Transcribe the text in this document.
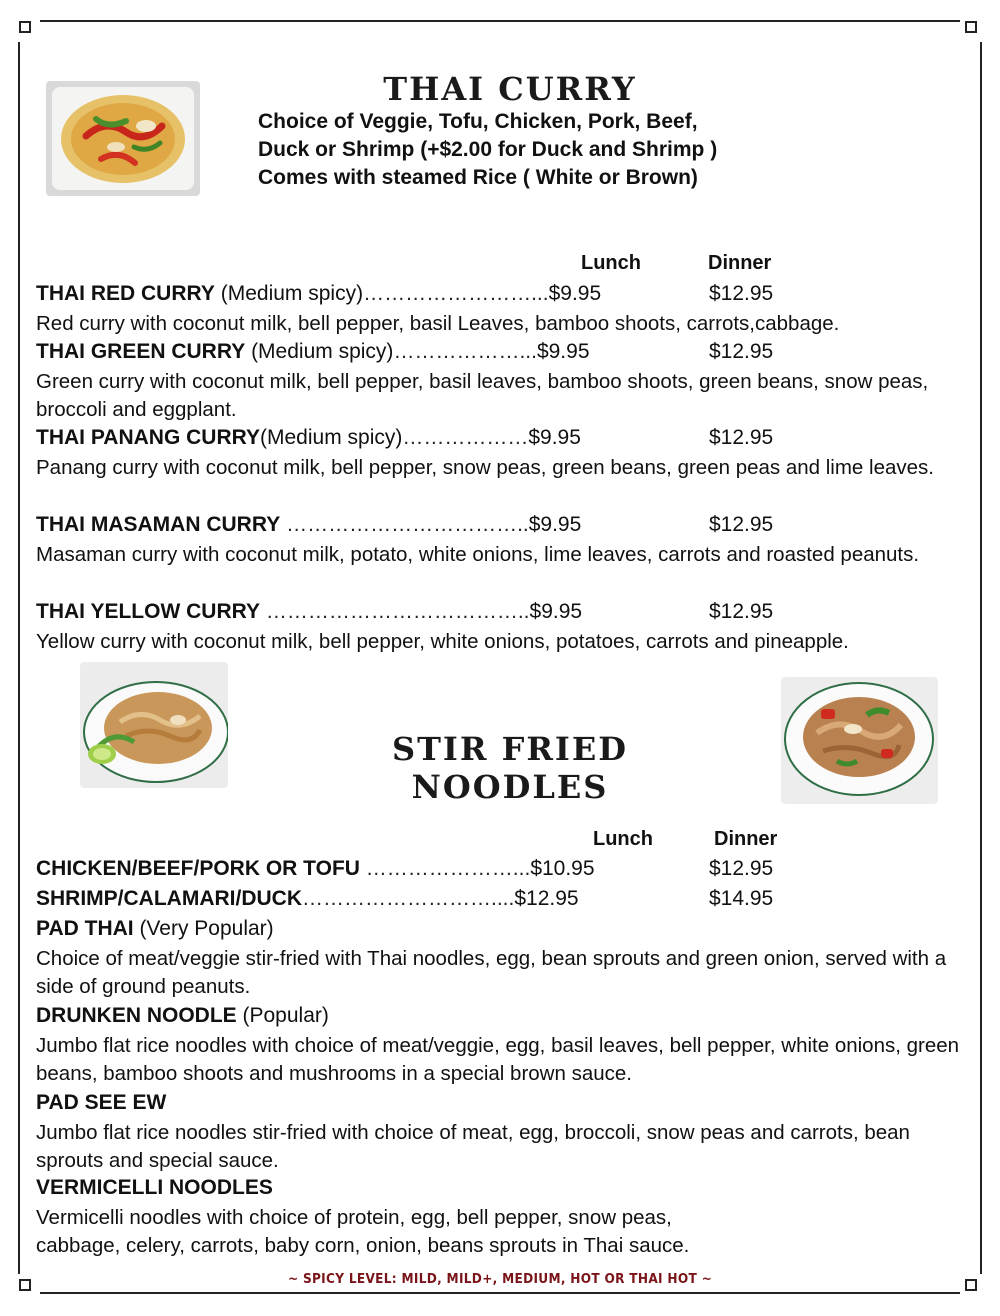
THAI CURRY
Choice of Veggie, Tofu, Chicken, Pork, Beef,
Duck or Shrimp (+$2.00 for Duck and Shrimp )
Comes with steamed Rice ( White or Brown)
Lunch	Dinner
THAI RED CURRY (Medium spicy)……………………...$9.95	$12.95
Red curry with coconut milk, bell pepper, basil Leaves, bamboo shoots, carrots,cabbage.
THAI GREEN CURRY (Medium spicy)………………...$9.95	$12.95
Green curry with coconut milk, bell pepper, basil leaves, bamboo shoots, green beans, snow peas, broccoli and eggplant.
THAI PANANG CURRY(Medium spicy)………………$9.95	$12.95
Panang curry with coconut milk, bell pepper, snow peas, green beans, green peas and lime leaves.
THAI MASAMAN CURRY ……………………………..$9.95	$12.95
Masaman curry with coconut milk, potato, white onions, lime leaves, carrots and roasted peanuts.
THAI YELLOW CURRY ………………………………..$9.95	$12.95
Yellow curry with coconut milk, bell pepper, white onions, potatoes, carrots and pineapple.
STIR FRIED NOODLES
Lunch	Dinner
CHICKEN/BEEF/PORK OR TOFU …………………...$10.95	$12.95
SHRIMP/CALAMARI/DUCK………………………....$12.95	$14.95
PAD THAI (Very Popular)
Choice of meat/veggie stir-fried with Thai noodles, egg, bean sprouts and green onion, served with a side of ground peanuts.
DRUNKEN NOODLE (Popular)
Jumbo flat rice noodles with choice of meat/veggie, egg, basil leaves, bell pepper, white onions, green beans, bamboo shoots and mushrooms in a special brown sauce.
PAD SEE EW
Jumbo flat rice noodles stir-fried with choice of meat, egg, broccoli, snow peas and carrots, bean sprouts and special sauce.
VERMICELLI NOODLES
Vermicelli noodles with choice of protein, egg, bell pepper, snow peas,
cabbage, celery, carrots, baby corn, onion, beans sprouts in Thai sauce.
~ SPICY LEVEL: MILD, MILD+, MEDIUM, HOT OR THAI HOT ~
